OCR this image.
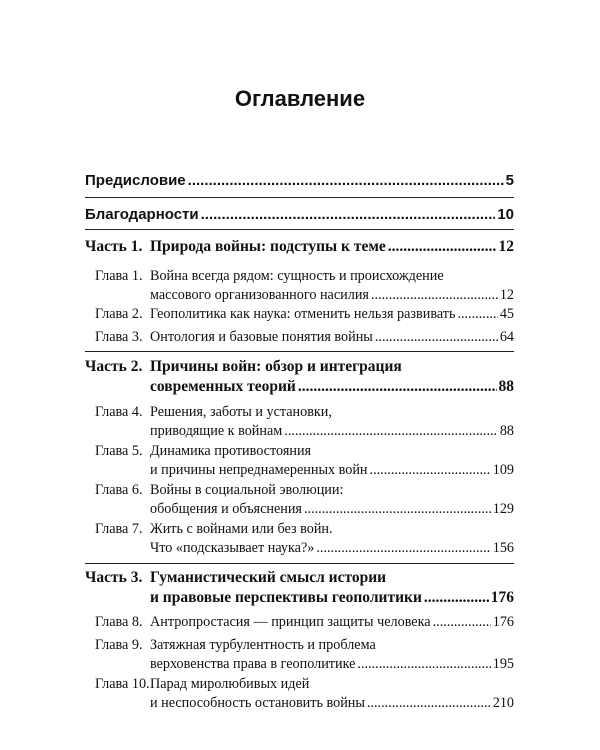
Оглавление
Предисловие .....	5
Благодарности .....	10
Часть 1. Природа войны: подступы к теме .....	12
Глава 1. Война всегда рядом: сущность и происхождение
массового организованного насилия .....	12
Глава 2. Геополитика как наука: отменить нельзя развивать .....	45
Глава 3. Онтология и базовые понятия войны .....	64
Часть 2. Причины войн: обзор и интеграция
современных теорий .....	88
Глава 4. Решения, заботы и установки,
приводящие к войнам .....	88
Глава 5. Динамика противостояния
и причины непреднамеренных войн .....	109
Глава 6. Войны в социальной эволюции:
обобщения и объяснения .....	129
Глава 7. Жить с войнами или без войн.
Что «подсказывает наука?» .....	156
Часть 3. Гуманистический смысл истории
и правовые перспективы геополитики .....	176
Глава 8. Антропростасия — принцип защиты человека .....	176
Глава 9. Затяжная турбулентность и проблема
верховенства права в геополитике .....	195
Глава 10. Парад миролюбивых идей
и неспособность остановить войны .....	210
